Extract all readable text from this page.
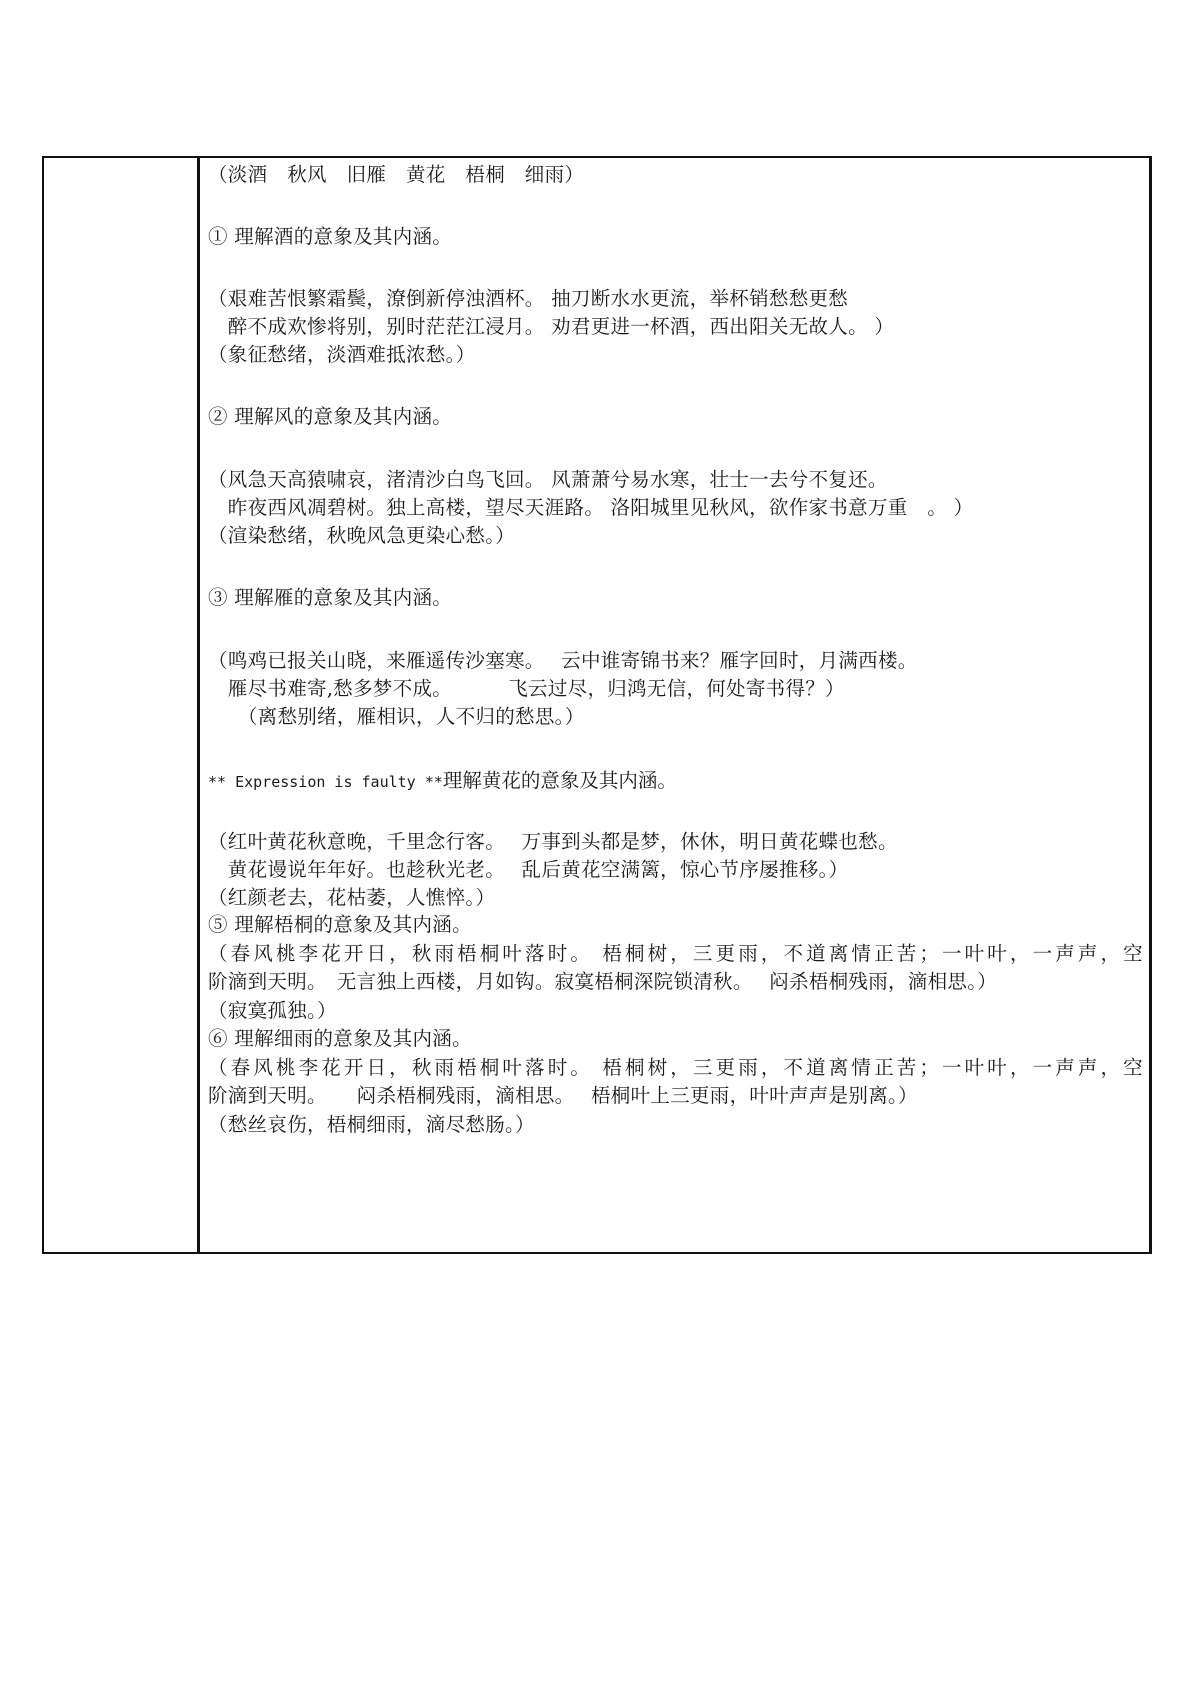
（淡酒　秋风　旧雁　黄花　梧桐　细雨）
① 理解酒的意象及其内涵。
（艰难苦恨繁霜鬓，潦倒新停浊酒杯。 抽刀断水水更流，举杯销愁愁更愁
　醉不成欢惨将别，别时茫茫江浸月。 劝君更进一杯酒，西出阳关无故人。 ）
（象征愁绪，淡酒难抵浓愁。）
② 理解风的意象及其内涵。
（风急天高猿啸哀，渚清沙白鸟飞回。 风萧萧兮易水寒，壮士一去兮不复还。
　昨夜西风凋碧树。独上高楼，望尽天涯路。 洛阳城里见秋风，欲作家书意万重　。 ）
（渲染愁绪，秋晚风急更染心愁。）
③ 理解雁的意象及其内涵。
（鸣鸡已报关山晓，来雁遥传沙塞寒。　 云中谁寄锦书来？雁字回时，月满西楼。
　雁尽书难寄,愁多梦不成。　　　 飞云过尽，归鸿无信，何处寄书得？）
　　（离愁别绪，雁相识，人不归的愁思。）
** Expression is faulty **理解黄花的意象及其内涵。
（红叶黄花秋意晚，千里念行客。　 万事到头都是梦，休休，明日黄花蝶也愁。
　黄花谩说年年好。也趁秋光老。　 乱后黄花空满篱，惊心节序屡推移。）
（红颜老去，花枯萎，人憔悴。）
⑤ 理解梧桐的意象及其内涵。
（春风桃李花开日，秋雨梧桐叶落时。 梧桐树，三更雨，不道离情正苦；一叶叶，一声声，空
阶滴到天明。　无言独上西楼，月如钩。寂寞梧桐深院锁清秋。　 闷杀梧桐残雨，滴相思。）
（寂寞孤独。）
⑥ 理解细雨的意象及其内涵。
（春风桃李花开日，秋雨梧桐叶落时。 梧桐树，三更雨，不道离情正苦；一叶叶，一声声，空
阶滴到天明。　　闷杀梧桐残雨，滴相思。　 梧桐叶上三更雨，叶叶声声是别离。）
（愁丝哀伤，梧桐细雨，滴尽愁肠。）
